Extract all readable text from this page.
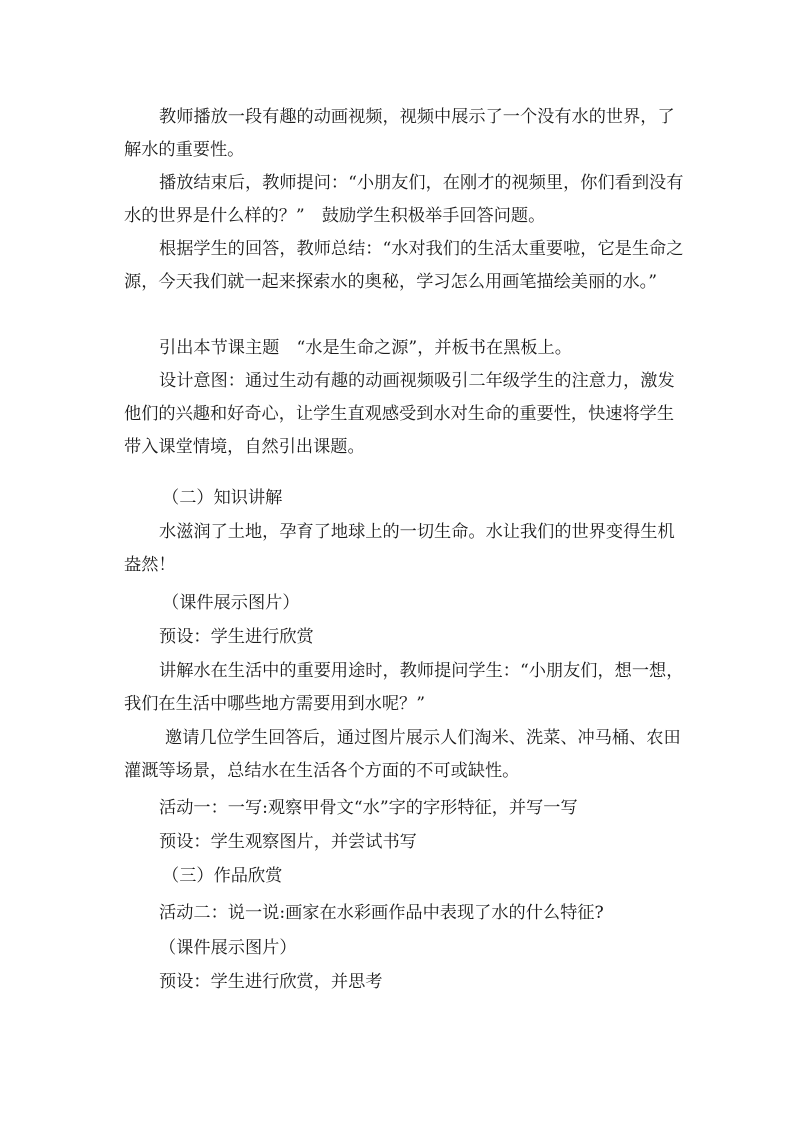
教师播放一段有趣的动画视频，视频中展示了一个没有水的世界，了解水的重要性。

播放结束后，教师提问：“小朋友们，在刚才的视频里，你们看到没有水的世界是什么样的？”　鼓励学生积极举手回答问题。

根据学生的回答，教师总结：“水对我们的生活太重要啦，它是生命之源，今天我们就一起来探索水的奥秘，学习怎么用画笔描绘美丽的水。”

引出本节课主题　“水是生命之源”，并板书在黑板上。

设计意图：通过生动有趣的动画视频吸引二年级学生的注意力，激发他们的兴趣和好奇心，让学生直观感受到水对生命的重要性，快速将学生带入课堂情境，自然引出课题。

（二）知识讲解

水滋润了土地，孕育了地球上的一切生命。水让我们的世界变得生机盎然！

（课件展示图片）

预设：学生进行欣赏

讲解水在生活中的重要用途时，教师提问学生：“小朋友们，想一想，我们在生活中哪些地方需要用到水呢？”

邀请几位学生回答后，通过图片展示人们淘米、洗菜、冲马桶、农田灌溉等场景，总结水在生活各个方面的不可或缺性。

活动一：一写:观察甲骨文“水”字的字形特征，并写一写

预设：学生观察图片，并尝试书写

（三）作品欣赏

活动二：说一说:画家在水彩画作品中表现了水的什么特征?

（课件展示图片）

预设：学生进行欣赏，并思考
